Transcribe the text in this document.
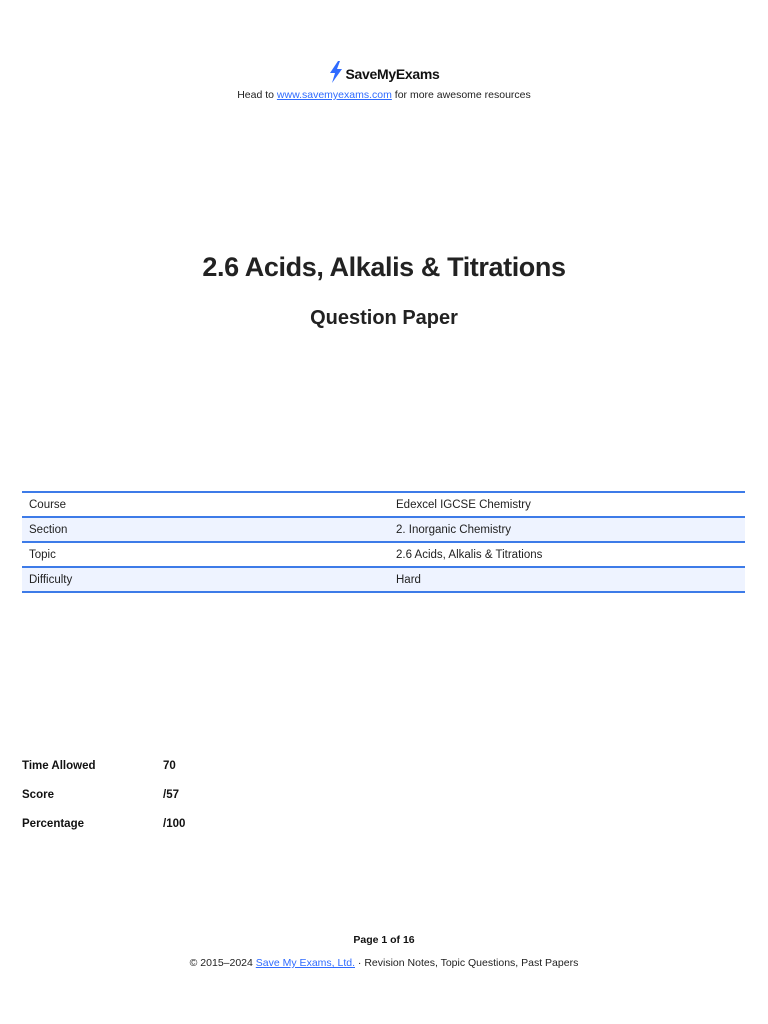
SaveMyExams
Head to www.savemyexams.com for more awesome resources
2.6 Acids, Alkalis & Titrations
Question Paper
Course	Edexcel IGCSE Chemistry
Section	2. Inorganic Chemistry
Topic	2.6 Acids, Alkalis & Titrations
Difficulty	Hard
Time Allowed	70
Score	/57
Percentage	/100
Page 1 of 16
© 2015–2024 Save My Exams, Ltd. · Revision Notes, Topic Questions, Past Papers
